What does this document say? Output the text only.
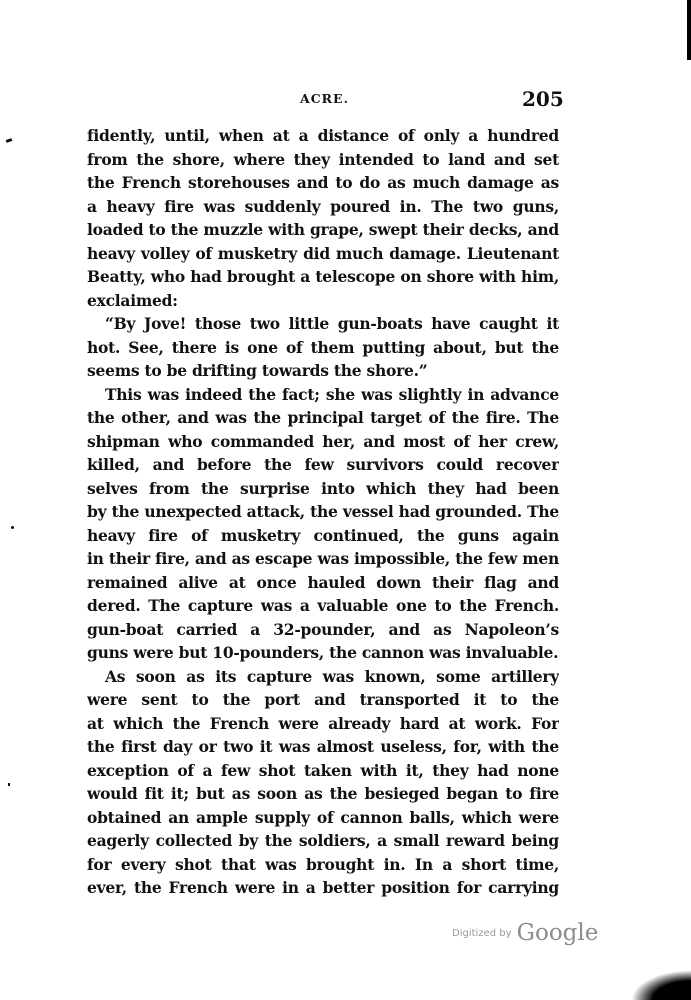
ACRE.	205
fidently, until, when at a distance of only a hundred
from the shore, where they intended to land and set
the French storehouses and to do as much damage as
a heavy fire was suddenly poured in. The two guns,
loaded to the muzzle with grape, swept their decks, and
heavy volley of musketry did much damage. Lieutenant
Beatty, who had brought a telescope on shore with him,
exclaimed:
“By Jove! those two little gun-boats have caught it
hot. See, there is one of them putting about, but the
seems to be drifting towards the shore.”
This was indeed the fact; she was slightly in advance
the other, and was the principal target of the fire. The
shipman who commanded her, and most of her crew,
killed, and before the few survivors could recover
selves from the surprise into which they had been
by the unexpected attack, the vessel had grounded. The
heavy fire of musketry continued, the guns again
in their fire, and as escape was impossible, the few men
remained alive at once hauled down their flag and
dered. The capture was a valuable one to the French.
gun-boat carried a 32-pounder, and as Napoleon’s
guns were but 10-pounders, the cannon was invaluable.
As soon as its capture was known, some artillery
were sent to the port and transported it to the
at which the French were already hard at work. For
the first day or two it was almost useless, for, with the
exception of a few shot taken with it, they had none
would fit it; but as soon as the besieged began to fire
obtained an ample supply of cannon balls, which were
eagerly collected by the soldiers, a small reward being
for every shot that was brought in. In a short time,
ever, the French were in a better position for carrying
$^{Digitized by}$ Google
